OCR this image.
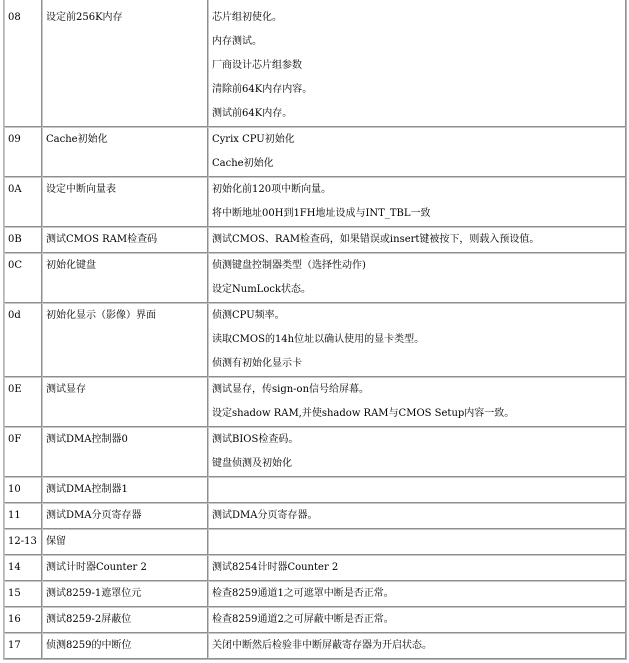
08	设定前256K内存	芯片组初使化。
内存测试。
厂商设计芯片组参数
清除前64K内存内容。
测试前64K内存。

09	Cache初始化	Cyrix CPU初始化
Cache初始化

0A	设定中断向量表	初始化前120项中断向量。
将中断地址00H到1FH地址设成与INT_TBL一致

0B	测试CMOS RAM检查码	测试CMOS、RAM检查码，如果错误或insert键被按下，则载入预设值。

0C	初始化键盘	侦测键盘控制器类型（选择性动作)
设定NumLock状态。

0d	初始化显示（影像）界面	侦测CPU频率。
读取CMOS的14h位址以确认使用的显卡类型。
侦测有初始化显示卡

0E	测试显存	测试显存，传sign-on信号给屏幕。
设定shadow RAM,并使shadow RAM与CMOS Setup内容一致。

0F	测试DMA控制器0	测试BIOS检查码。
键盘侦测及初始化

10	测试DMA控制器1	

11	测试DMA分页寄存器	测试DMA分页寄存器。

12-13	保留	

14	测试计时器Counter 2	测试8254计时器Counter 2

15	测试8259-1遮罩位元	检查8259通道1之可遮罩中断是否正常。

16	测试8259-2屏蔽位	检查8259通道2之可屏蔽中断是否正常。

17	侦测8259的中断位	关闭中断然后检验非中断屏蔽寄存器为开启状态。
